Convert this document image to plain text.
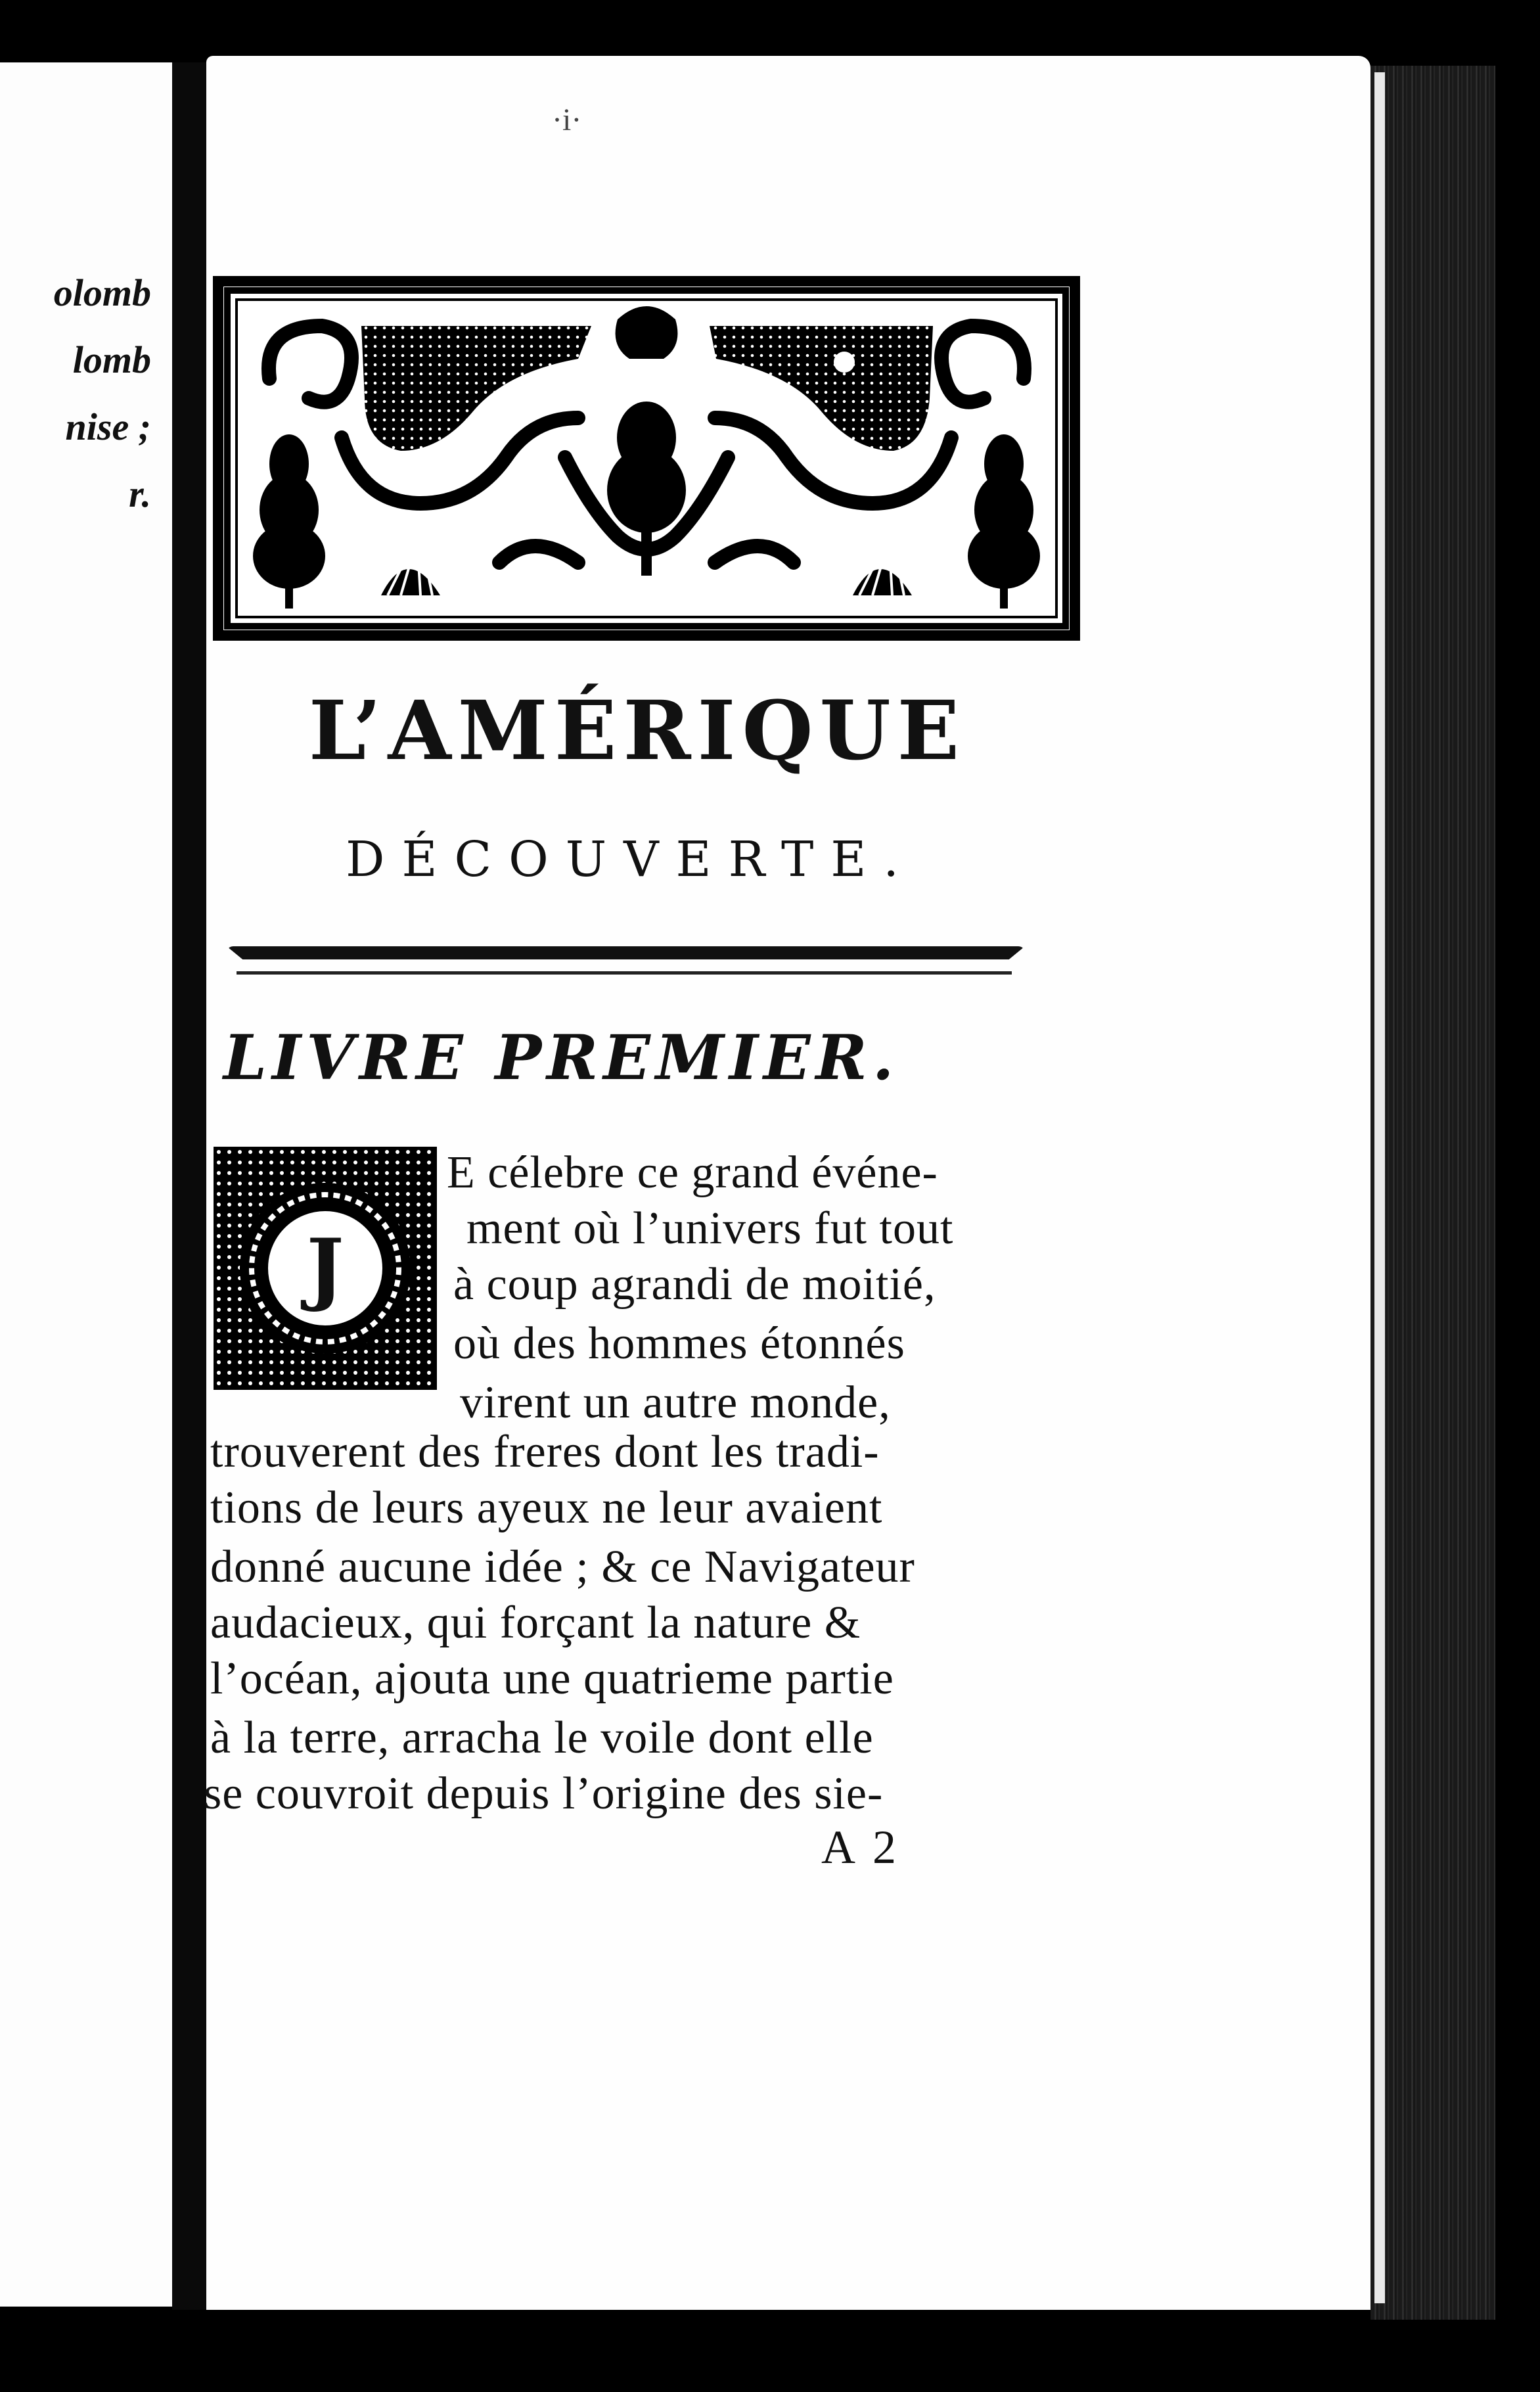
olomb
lomb
nise ;
r.
·i·
L’AMÉRIQUE
DÉCOUVERTE.
LIVRE PREMIER.
J
E célebre ce grand événe-
ment où l’univers fut tout
à coup agrandi de moitié,
où des hommes étonnés
virent un autre monde,
trouverent des freres dont les tradi-
tions de leurs ayeux ne leur avaient
donné aucune idée ; & ce Navigateur
audacieux, qui forçant la nature &
l’océan, ajouta une quatrieme partie
à la terre, arracha le voile dont elle
se couvroit depuis l’origine des sie-
A 2
